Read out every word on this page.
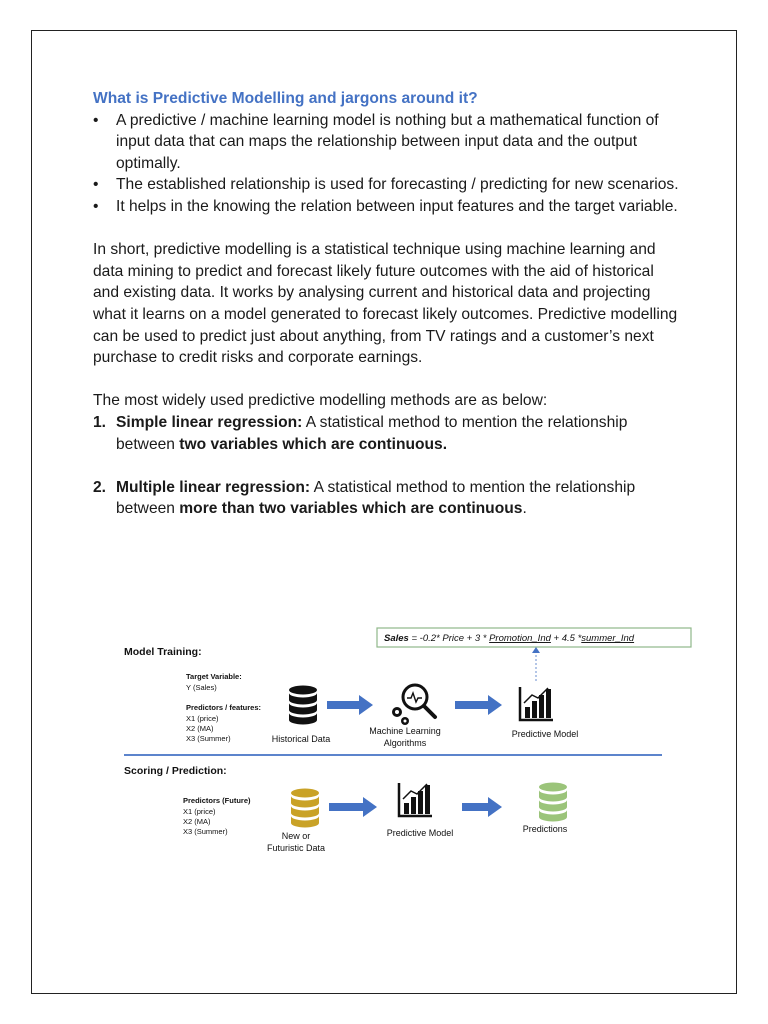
What is Predictive Modelling and jargons around it?
• A predictive / machine learning model is nothing but a mathematical function of input data that can maps the relationship between input data and the output optimally.
• The established relationship is used for forecasting / predicting for new scenarios.
• It helps in the knowing the relation between input features and the target variable.

In short, predictive modelling is a statistical technique using machine learning and data mining to predict and forecast likely future outcomes with the aid of historical and existing data. It works by analysing current and historical data and projecting what it learns on a model generated to forecast likely outcomes. Predictive modelling can be used to predict just about anything, from TV ratings and a customer’s next purchase to credit risks and corporate earnings.

The most widely used predictive modelling methods are as below:

1. Simple linear regression: A statistical method to mention the relationship between two variables which are continuous.
2. Multiple linear regression: A statistical method to mention the relationship between more than two variables which are continuous.
Sales = -0.2* Price + 3 * Promotion_Ind + 4.5 *summer_Ind
Model Training:
Target Variable:
Y (Sales)
Predictors / features:
X1 (price)
X2 (MA)
X3 (Summer)	Historical Data
Machine Learning
Algorithms
Predictive Model
Scoring / Prediction:
Predictors (Future)
X1 (price)
X2 (MA)
X3 (Summer)	New or
Futuristic Data
Predictive Model	Predictions
